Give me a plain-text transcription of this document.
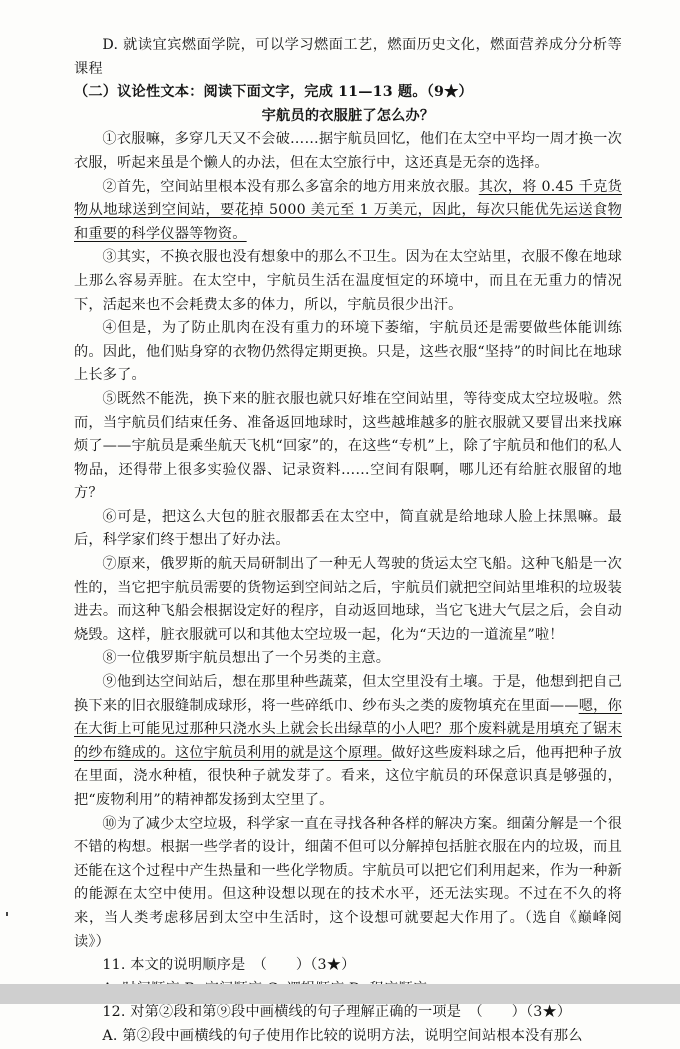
D. 就读宜宾燃面学院，可以学习燃面工艺，燃面历史文化，燃面营养成分分析等课程

（二）议论性文本：阅读下面文字，完成 11—13 题。（9★）

宇航员的衣服脏了怎么办？

①衣服嘛，多穿几天又不会破……据宇航员回忆，他们在太空中平均一周才换一次衣服，听起来虽是个懒人的办法，但在太空旅行中，这还真是无奈的选择。

②首先，空间站里根本没有那么多富余的地方用来放衣服。其次，将 0.45 千克货物从地球送到空间站，要花掉 5000 美元至 1 万美元，因此，每次只能优先运送食物和重要的科学仪器等物资。

③其实，不换衣服也没有想象中的那么不卫生。因为在太空站里，衣服不像在地球上那么容易弄脏。在太空中，宇航员生活在温度恒定的环境中，而且在无重力的情况下，活起来也不会耗费太多的体力，所以，宇航员很少出汗。

④但是，为了防止肌肉在没有重力的环境下萎缩，宇航员还是需要做些体能训练的。因此，他们贴身穿的衣物仍然得定期更换。只是，这些衣服“坚持”的时间比在地球上长多了。

⑤既然不能洗，换下来的脏衣服也就只好堆在空间站里，等待变成太空垃圾啦。然而，当宇航员们结束任务、准备返回地球时，这些越堆越多的脏衣服就又要冒出来找麻烦了——宇航员是乘坐航天飞机“回家”的，在这些“专机”上，除了宇航员和他们的私人物品，还得带上很多实验仪器、记录资料……空间有限啊，哪儿还有给脏衣服留的地方？

⑥可是，把这么大包的脏衣服都丢在太空中，简直就是给地球人脸上抹黑嘛。最后，科学家们终于想出了好办法。

⑦原来，俄罗斯的航天局研制出了一种无人驾驶的货运太空飞船。这种飞船是一次性的，当它把宇航员需要的货物运到空间站之后，宇航员们就把空间站里堆积的垃圾装进去。而这种飞船会根据设定好的程序，自动返回地球，当它飞进大气层之后，会自动烧毁。这样，脏衣服就可以和其他太空垃圾一起，化为“天边的一道流星”啦！

⑧一位俄罗斯宇航员想出了一个另类的主意。

⑨他到达空间站后，想在那里种些蔬菜，但太空里没有土壤。于是，他想到把自己换下来的旧衣服缝制成球形，将一些碎纸巾、纱布头之类的废物填充在里面——嗯，你在大街上可能见过那种只浇水头上就会长出绿草的小人吧？那个废料就是用填充了锯末的纱布缝成的。这位宇航员利用的就是这个原理。做好这些废料球之后，他再把种子放在里面，浇水种植，很快种子就发芽了。看来，这位宇航员的环保意识真是够强的，把“废物利用”的精神都发扬到太空里了。

⑩为了减少太空垃圾，科学家一直在寻找各种各样的解决方案。细菌分解是一个很不错的构想。根据一些学者的设计，细菌不但可以分解掉包括脏衣服在内的垃圾，而且还能在这个过程中产生热量和一些化学物质。宇航员可以把它们利用起来，作为一种新的能源在太空中使用。但这种设想以现在的技术水平，还无法实现。不过在不久的将来，当人类考虑移居到太空中生活时，这个设想可就要起大作用了。（选自《巅峰阅读》）

11. 本文的说明顺序是　（　　）（3★）

12. 对第②段和第⑨段中画横线的句子理解正确的一项是　（　　）（3★）

A. 第②段中画横线的句子使用作比较的说明方法，说明空间站根本没有那么
